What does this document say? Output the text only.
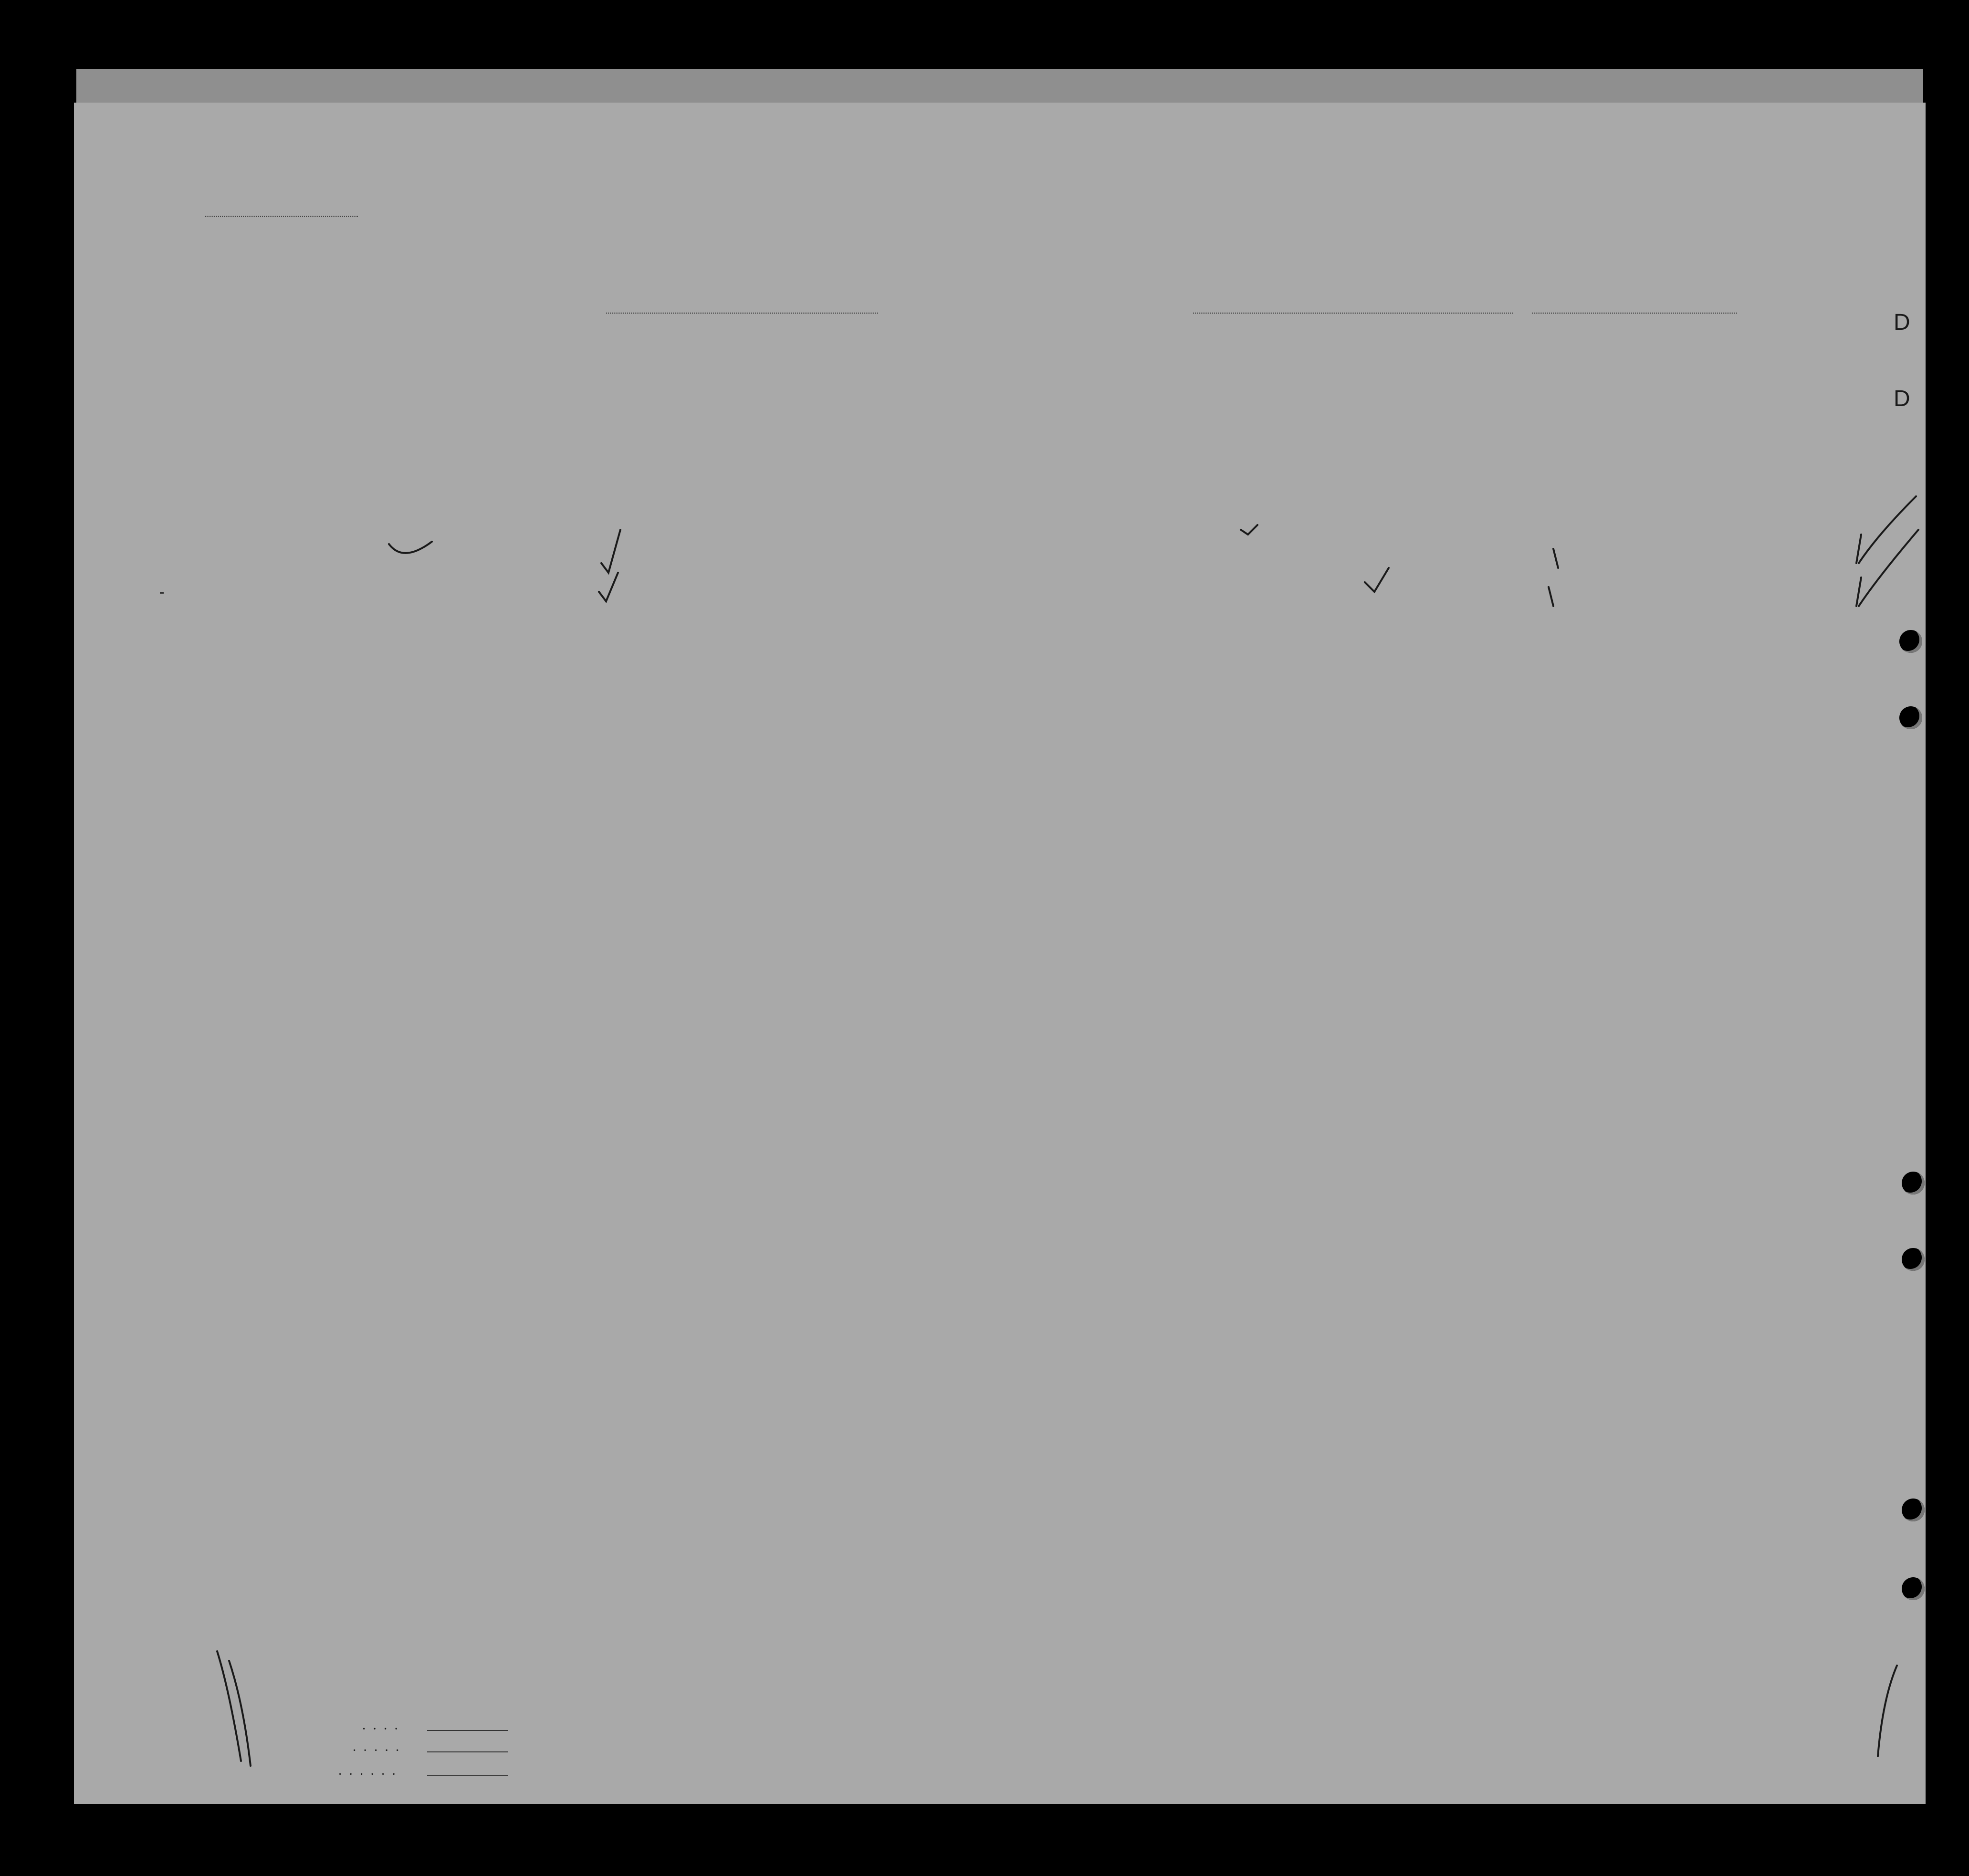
D
D
. . . .
. . . . .
. . . . . .
